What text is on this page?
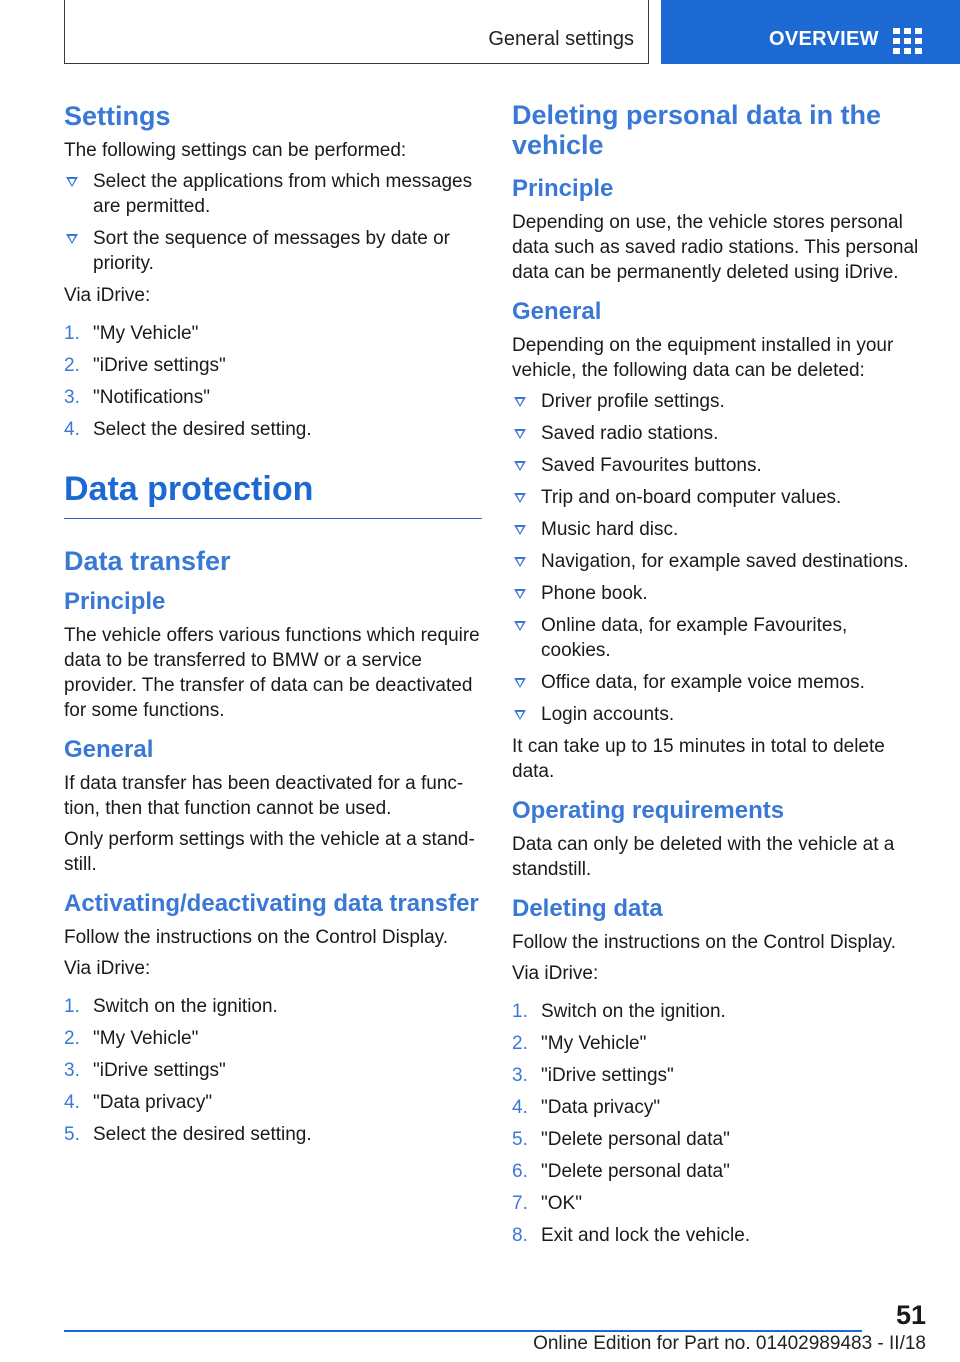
General settings	OVERVIEW
Settings

The following settings can be performed:

Select the applications from which messages are permitted.
Sort the sequence of messages by date or priority.

Via iDrive:

1. "My Vehicle"
2. "iDrive settings"
3. "Notifications"
4. Select the desired setting.
Data protection
Data transfer
Principle

The vehicle offers various functions which require data to be transferred to BMW or a service provider. The transfer of data can be deactivated for some functions.

General

If data transfer has been deactivated for a function, then that function cannot be used.

Only perform settings with the vehicle at a standstill.

Activating/deactivating data transfer

Follow the instructions on the Control Display.

Via iDrive:

1. Switch on the ignition.
2. "My Vehicle"
3. "iDrive settings"
4. "Data privacy"
5. Select the desired setting.
Deleting personal data in the vehicle
Principle

Depending on use, the vehicle stores personal data such as saved radio stations. This personal data can be permanently deleted using iDrive.

General

Depending on the equipment installed in your vehicle, the following data can be deleted:

Driver profile settings.
Saved radio stations.
Saved Favourites buttons.
Trip and on-board computer values.
Music hard disc.
Navigation, for example saved destinations.
Phone book.
Online data, for example Favourites, cookies.
Office data, for example voice memos.
Login accounts.

It can take up to 15 minutes in total to delete data.

Operating requirements

Data can only be deleted with the vehicle at a standstill.

Deleting data

Follow the instructions on the Control Display.

Via iDrive:

1. Switch on the ignition.
2. "My Vehicle"
3. "iDrive settings"
4. "Data privacy"
5. "Delete personal data"
6. "Delete personal data"
7. "OK"
8. Exit and lock the vehicle.
51
Online Edition for Part no. 01402989483 - II/18
